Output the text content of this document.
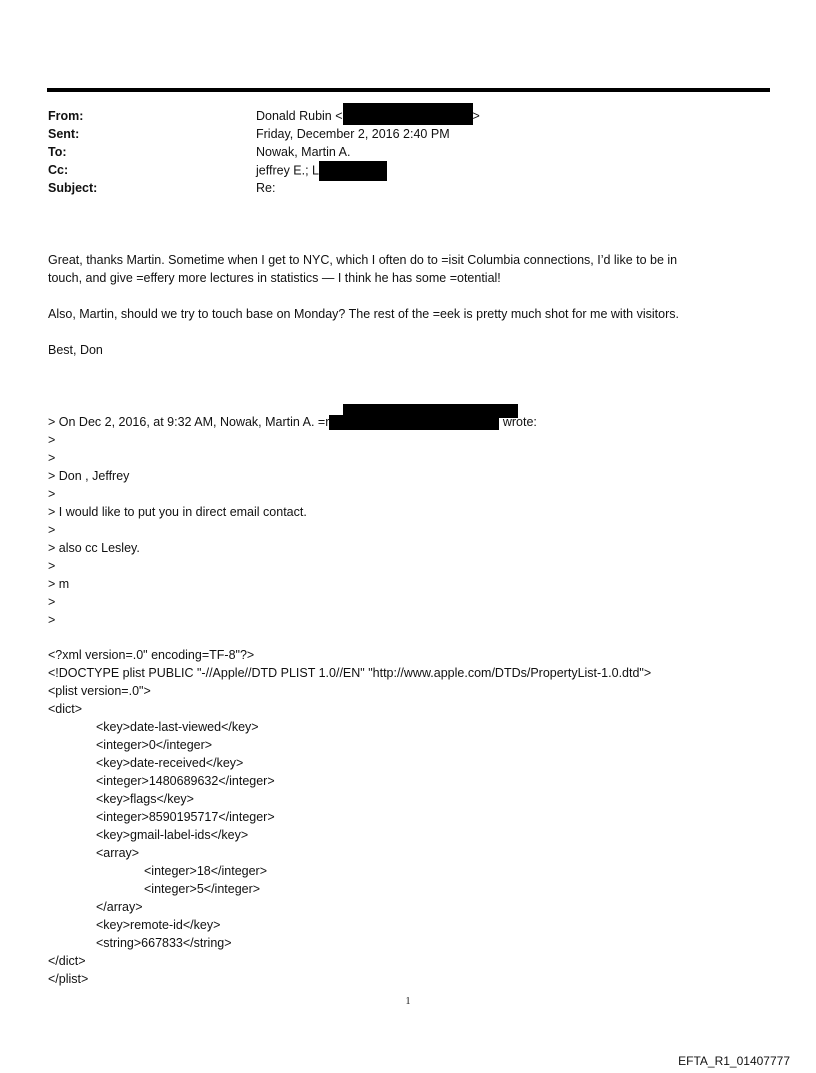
From:	Donald Rubin <	>
Sent:	Friday, December 2, 2016 2:40 PM
To:	Nowak, Martin A.
Cc:	jeffrey E.; L
Subject:	Re:
Great, thanks Martin. Sometime when I get to NYC, which I often do to =isit Columbia connections, I’d like to be in
touch, and give =effery more lectures in statistics — I think he has some =otential!
Also, Martin, should we try to touch base on Monday? The rest of the =eek is pretty much shot for me with visitors.
Best, Don
> On Dec 2, 2016, at 9:32 AM, Nowak, Martin A. =r	wrote:
>
>
> Don , Jeffrey
>
> I would like to put you in direct email contact.
>
> also cc Lesley.
>
> m
>
>
<?xml version=.0" encoding=TF-8"?>
<!DOCTYPE plist PUBLIC "-//Apple//DTD PLIST 1.0//EN" "http://www.apple.com/DTDs/PropertyList-1.0.dtd">
<plist version=.0">
<dict>
<key>date-last-viewed</key>
<integer>0</integer>
<key>date-received</key>
<integer>1480689632</integer>
<key>flags</key>
<integer>8590195717</integer>
<key>gmail-label-ids</key>
<array>
<integer>18</integer>
<integer>5</integer>
</array>
<key>remote-id</key>
<string>667833</string>
</dict>
</plist>
1
EFTA_R1_01407777
